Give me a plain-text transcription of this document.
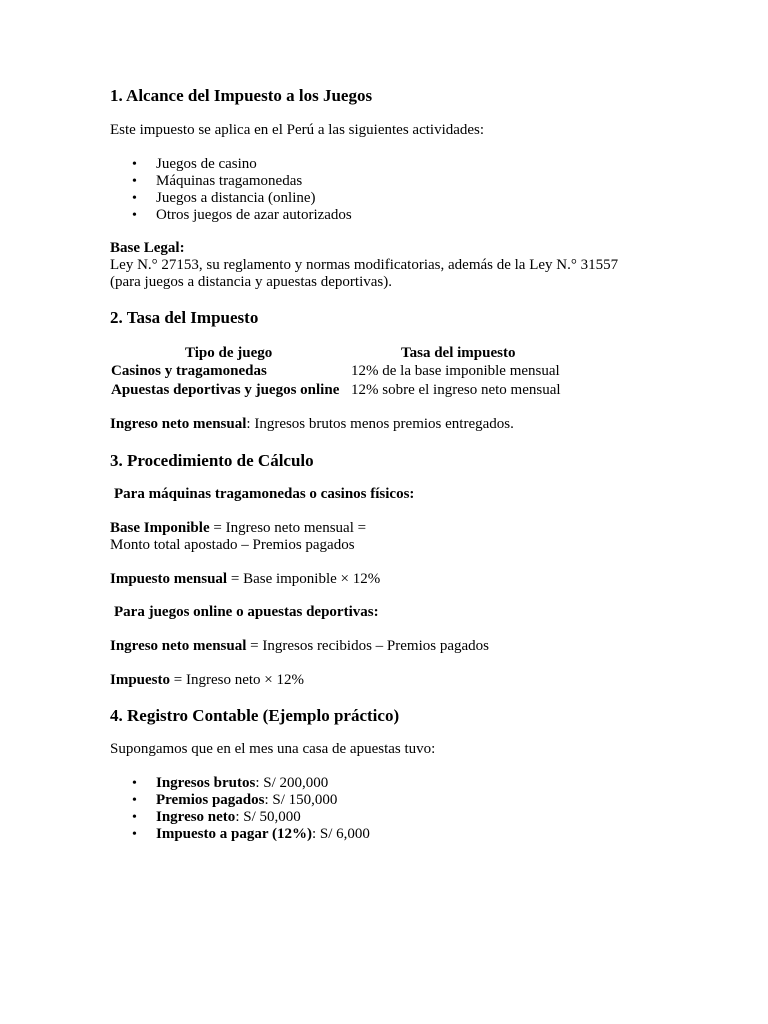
1. Alcance del Impuesto a los Juegos

Este impuesto se aplica en el Perú a las siguientes actividades:

• Juegos de casino
• Máquinas tragamonedas
• Juegos a distancia (online)
• Otros juegos de azar autorizados

Base Legal:

Ley N.° 27153, su reglamento y normas modificatorias, además de la Ley N.° 31557

(para juegos a distancia y apuestas deportivas).

2. Tasa del Impuesto
Tipo de juego	Tasa del impuesto
Casinos y tragamonedas	12% de la base imponible mensual
Apuestas deportivas y juegos online 12% sobre el ingreso neto mensual

Ingreso neto mensual: Ingresos brutos menos premios entregados.

3. Procedimiento de Cálculo

Para máquinas tragamonedas o casinos físicos:

Base Imponible = Ingreso neto mensual =

Monto total apostado – Premios pagados

Impuesto mensual = Base imponible × 12%

Para juegos online o apuestas deportivas:

Ingreso neto mensual = Ingresos recibidos – Premios pagados

Impuesto = Ingreso neto × 12%

4. Registro Contable (Ejemplo práctico)

Supongamos que en el mes una casa de apuestas tuvo:

• Ingresos brutos: S/ 200,000
• Premios pagados: S/ 150,000
• Ingreso neto: S/ 50,000
• Impuesto a pagar (12%): S/ 6,000
